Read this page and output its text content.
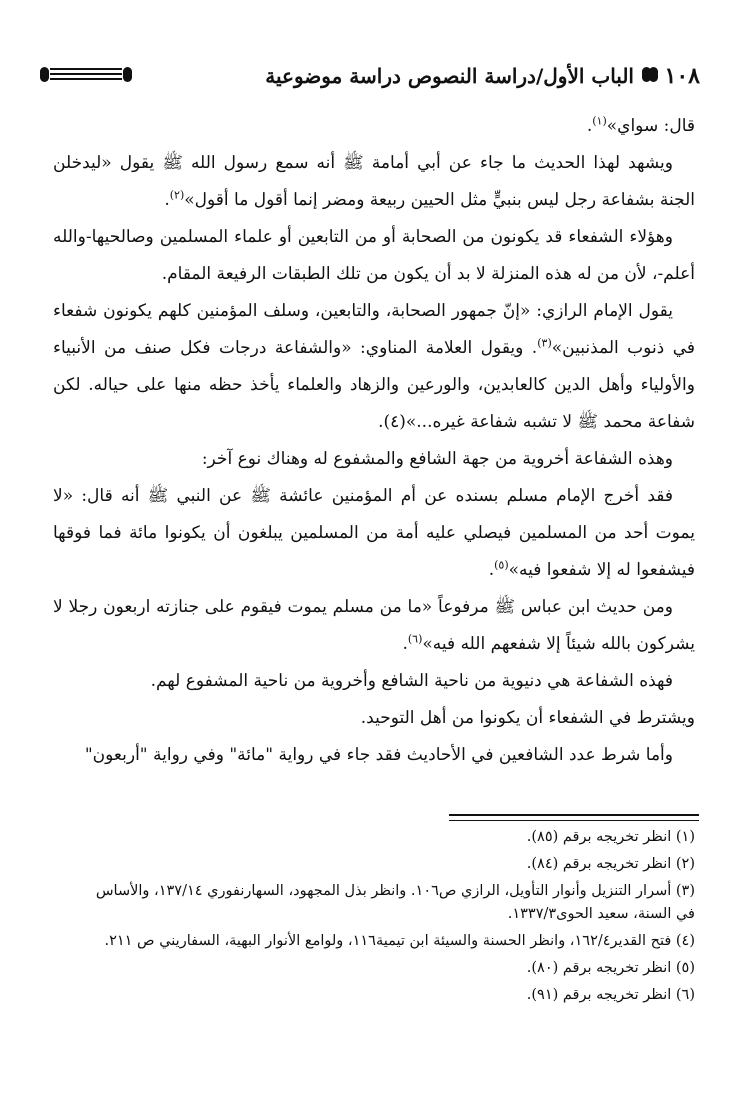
١٠٨
الباب الأول/دراسة النصوص دراسة موضوعية

قال: سواي»$^{(١)}$.

ويشهد لهذا الحديث ما جاء عن أبي أمامة ﷺ أنه سمع رسول الله ﷺ يقول «ليدخلن الجنة بشفاعة رجل ليس بنبيٍّ مثل الحيين ربيعة ومضر إنما أقول ما أقول»$^{(٢)}$.

وهؤلاء الشفعاء قد يكونون من الصحابة أو من التابعين أو علماء المسلمين وصالحيها-والله أعلم-، لأن من له هذه المنزلة لا بد أن يكون من تلك الطبقات الرفيعة المقام.

يقول الإمام الرازي: «إنّ جمهور الصحابة، والتابعين، وسلف المؤمنين كلهم يكونون شفعاء في ذنوب المذنبين»$^{(٣)}$. ويقول العلامة المناوي: «والشفاعة درجات فكل صنف من الأنبياء والأولياء وأهل الدين كالعابدين، والورعين والزهاد والعلماء يأخذ حظه منها على حياله. لكن شفاعة محمد ﷺ لا تشبه شفاعة غيره...»(٤).

وهذه الشفاعة أخروية من جهة الشافع والمشفوع له وهناك نوع آخر:

فقد أخرج الإمام مسلم بسنده عن أم المؤمنين عائشة ﷺ عن النبي ﷺ أنه قال: «لا يموت أحد من المسلمين فيصلي عليه أمة من المسلمين يبلغون أن يكونوا مائة فما فوقها فيشفعوا له إلا شفعوا فيه»$^{(٥)}$.

ومن حديث ابن عباس ﷺ مرفوعاً «ما من مسلم يموت فيقوم على جنازته اربعون رجلا لا يشركون بالله شيئاً إلا شفعهم الله فيه»$^{(٦)}$.

فهذه الشفاعة هي دنيوية من ناحية الشافع وأخروية من ناحية المشفوع لهم.

ويشترط في الشفعاء أن يكونوا من أهل التوحيد.

وأما شرط عدد الشافعين في الأحاديث فقد جاء في رواية "مائة" وفي رواية "أربعون"

(١) انظر تخريجه برقم (٨٥).
(٢) انظر تخريجه برقم (٨٤).
(٣) أسرار التنزيل وأنوار التأويل، الرازي ص١٠٦. وانظر بذل المجهود، السهارنفوري ١٣٧/١٤، والأساس في السنة، سعيد الحوى١٣٣٧/٣.
(٤) فتح القدير١٦٢/٤، وانظر الحسنة والسيئة ابن تيمية١١٦، ولوامع الأنوار البهية، السفاريني ص ٢١١.
(٥) انظر تخريجه برقم (٨٠).
(٦) انظر تخريجه برقم (٩١).
